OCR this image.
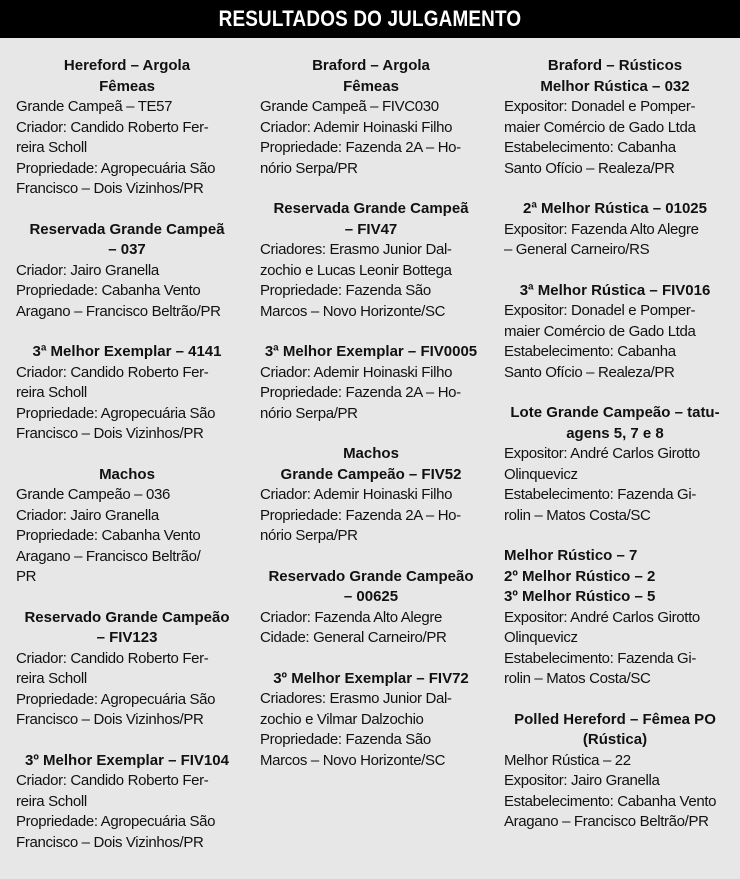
RESULTADOS DO JULGAMENTO
Hereford – Argola
Fêmeas
Grande Campeã – TE57
Criador: Candido Roberto Fer-
reira Scholl
Propriedade: Agropecuária São
Francisco – Dois Vizinhos/PR
Reservada Grande Campeã
– 037
Criador: Jairo Granella
Propriedade: Cabanha Vento
Aragano – Francisco Beltrão/PR
3ª Melhor Exemplar – 4141
Criador: Candido Roberto Fer-
reira Scholl
Propriedade: Agropecuária São
Francisco – Dois Vizinhos/PR
Machos
Grande Campeão – 036
Criador: Jairo Granella
Propriedade: Cabanha Vento
Aragano – Francisco Beltrão/
PR
Reservado Grande Campeão
– FIV123
Criador: Candido Roberto Fer-
reira Scholl
Propriedade: Agropecuária São
Francisco – Dois Vizinhos/PR
3º Melhor Exemplar – FIV104
Criador: Candido Roberto Fer-
reira Scholl
Propriedade: Agropecuária São
Francisco – Dois Vizinhos/PR
Braford – Argola
Fêmeas
Grande Campeã – FIVC030
Criador: Ademir Hoinaski Filho
Propriedade: Fazenda 2A – Ho-
nório Serpa/PR
Reservada Grande Campeã
– FIV47
Criadores: Erasmo Junior Dal-
zochio e Lucas Leonir Bottega
Propriedade: Fazenda São
Marcos – Novo Horizonte/SC
3ª Melhor Exemplar – FIV0005
Criador: Ademir Hoinaski Filho
Propriedade: Fazenda 2A – Ho-
nório Serpa/PR
Machos
Grande Campeão – FIV52
Criador: Ademir Hoinaski Filho
Propriedade: Fazenda 2A – Ho-
nório Serpa/PR
Reservado Grande Campeão
– 00625
Criador: Fazenda Alto Alegre
Cidade: General Carneiro/PR
3º Melhor Exemplar – FIV72
Criadores: Erasmo Junior Dal-
zochio e Vilmar Dalzochio
Propriedade: Fazenda São
Marcos – Novo Horizonte/SC
Braford – Rústicos
Melhor Rústica – 032
Expositor: Donadel e Pomper-
maier Comércio de Gado Ltda
Estabelecimento: Cabanha
Santo Ofício – Realeza/PR
2ª Melhor Rústica – 01025
Expositor: Fazenda Alto Alegre
– General Carneiro/RS
3ª Melhor Rústica – FIV016
Expositor: Donadel e Pomper-
maier Comércio de Gado Ltda
Estabelecimento: Cabanha
Santo Ofício – Realeza/PR
Lote Grande Campeão – tatu-
agens 5, 7 e 8
Expositor: André Carlos Girotto
Olinquevicz
Estabelecimento: Fazenda Gi-
rolin – Matos Costa/SC
Melhor Rústico – 7
2º Melhor Rústico – 2
3º Melhor Rústico – 5
Expositor: André Carlos Girotto
Olinquevicz
Estabelecimento: Fazenda Gi-
rolin – Matos Costa/SC
Polled Hereford – Fêmea PO
(Rústica)
Melhor Rústica – 22
Expositor: Jairo Granella
Estabelecimento: Cabanha Vento
Aragano – Francisco Beltrão/PR
